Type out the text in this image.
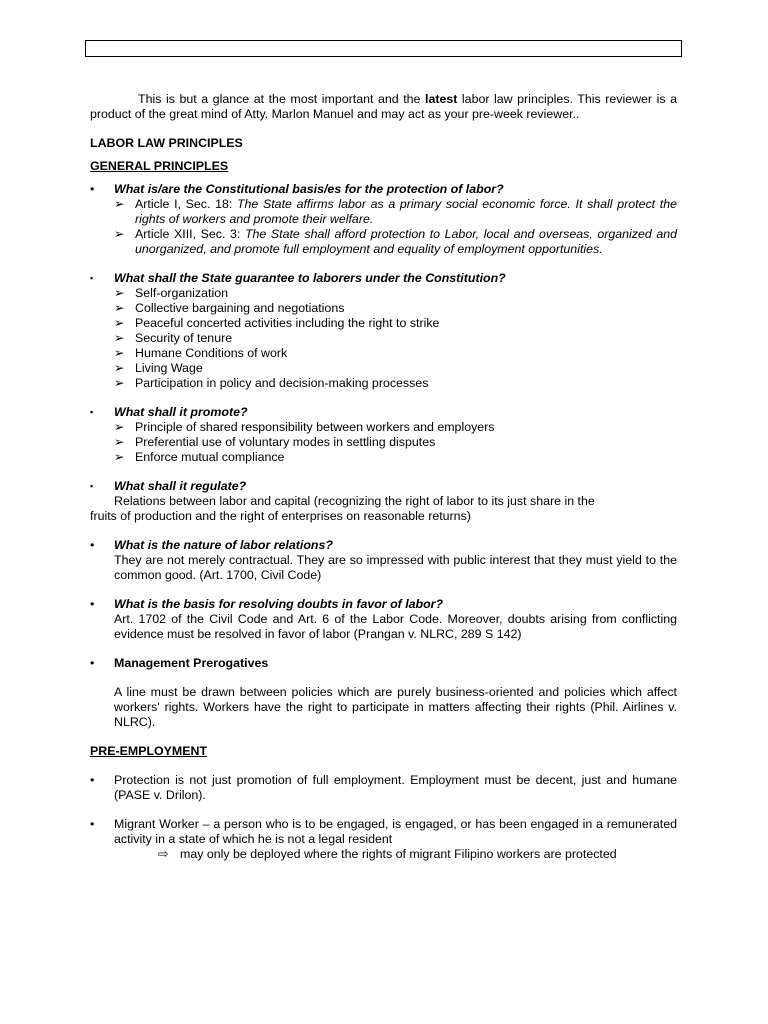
This is but a glance at the most important and the latest labor law principles. This reviewer is a product of the great mind of Atty. Marlon Manuel and may act as your pre-week reviewer..

LABOR LAW PRINCIPLES

GENERAL PRINCIPLES

•	What is/are the Constitutional basis/es for the protection of labor?
➢ Article I, Sec. 18: The State affirms labor as a primary social economic force. It shall protect the rights of workers and promote their welfare.
➢ Article XIII, Sec. 3: The State shall afford protection to Labor, local and overseas, organized and unorganized, and promote full employment and equality of employment opportunities.
▪	What shall the State guarantee to laborers under the Constitution?
➢ Self-organization
➢ Collective bargaining and negotiations
➢ Peaceful concerted activities including the right to strike
➢ Security of tenure
➢ Humane Conditions of work
➢ Living Wage
➢ Participation in policy and decision-making processes
▪	What shall it promote?
➢ Principle of shared responsibility between workers and employers
➢ Preferential use of voluntary modes in settling disputes
➢ Enforce mutual compliance
▪	What shall it regulate?

Relations between labor and capital (recognizing the right of labor to its just share in the

fruits of production and the right of enterprises on reasonable returns)

•	What is the nature of labor relations?

They are not merely contractual. They are so impressed with public interest that they must yield to the common good. (Art. 1700, Civil Code)

•	What is the basis for resolving doubts in favor of labor?

Art. 1702 of the Civil Code and Art. 6 of the Labor Code. Moreover, doubts arising from conflicting evidence must be resolved in favor of labor (Prangan v. NLRC, 289 S 142)

•	Management Prerogatives

A line must be drawn between policies which are purely business-oriented and policies which affect workers' rights. Workers have the right to participate in matters affecting their rights (Phil. Airlines v. NLRC).

PRE-EMPLOYMENT

•	Protection is not just promotion of full employment. Employment must be decent, just and humane (PASE v. Drilon).
•	Migrant Worker – a person who is to be engaged, is engaged, or has been engaged in a remunerated activity in a state of which he is not a legal resident
⇨ may only be deployed where the rights of migrant Filipino workers are protected
